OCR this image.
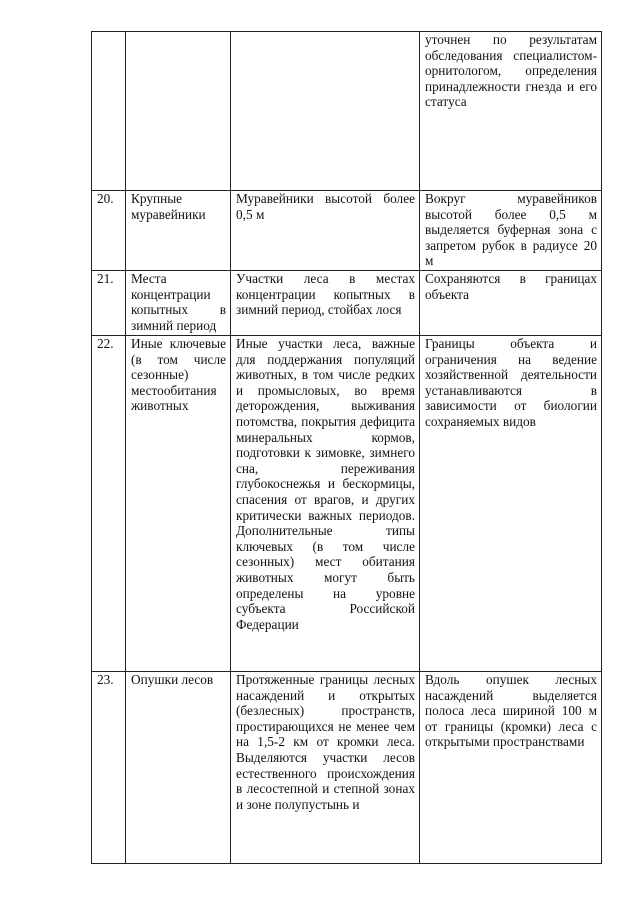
			уточнен по результатам обследования специалистом-орнитологом, определения принадлежности гнезда и его статуса

20.	Крупные муравейники	Муравейники высотой более 0,5 м	Вокруг муравейников высотой более 0,5 м выделяется буферная зона с запретом рубок в радиусе 20 м

21.	Места концентрации копытных в зимний период	Участки леса в местах концентрации копытных в зимний период, стойбах лося	Сохраняются в границах объекта

22.	Иные ключевые (в том числе сезонные) местообитания животных	Иные участки леса, важные для поддержания популяций животных, в том числе редких и промысловых, во время деторождения, выживания потомства, покрытия дефицита минеральных кормов, подготовки к зимовке, зимнего сна, переживания глубокоснежья и бескормицы, спасения от врагов, и других критически важных периодов. Дополнительные типы ключевых (в том числе сезонных) мест обитания животных могут быть определены на уровне субъекта Российской Федерации	Границы объекта и ограничения на ведение хозяйственной деятельности устанавливаются в зависимости от биологии сохраняемых видов

23.	Опушки лесов	Протяженные границы лесных насаждений и открытых (безлесных) пространств, простирающихся не менее чем на 1,5-2 км от кромки леса. Выделяются участки лесов естественного происхождения в лесостепной и степной зонах и зоне полупустынь и	Вдоль опушек лесных насаждений выделяется полоса леса шириной 100 м от границы (кромки) леса с открытыми пространствами
